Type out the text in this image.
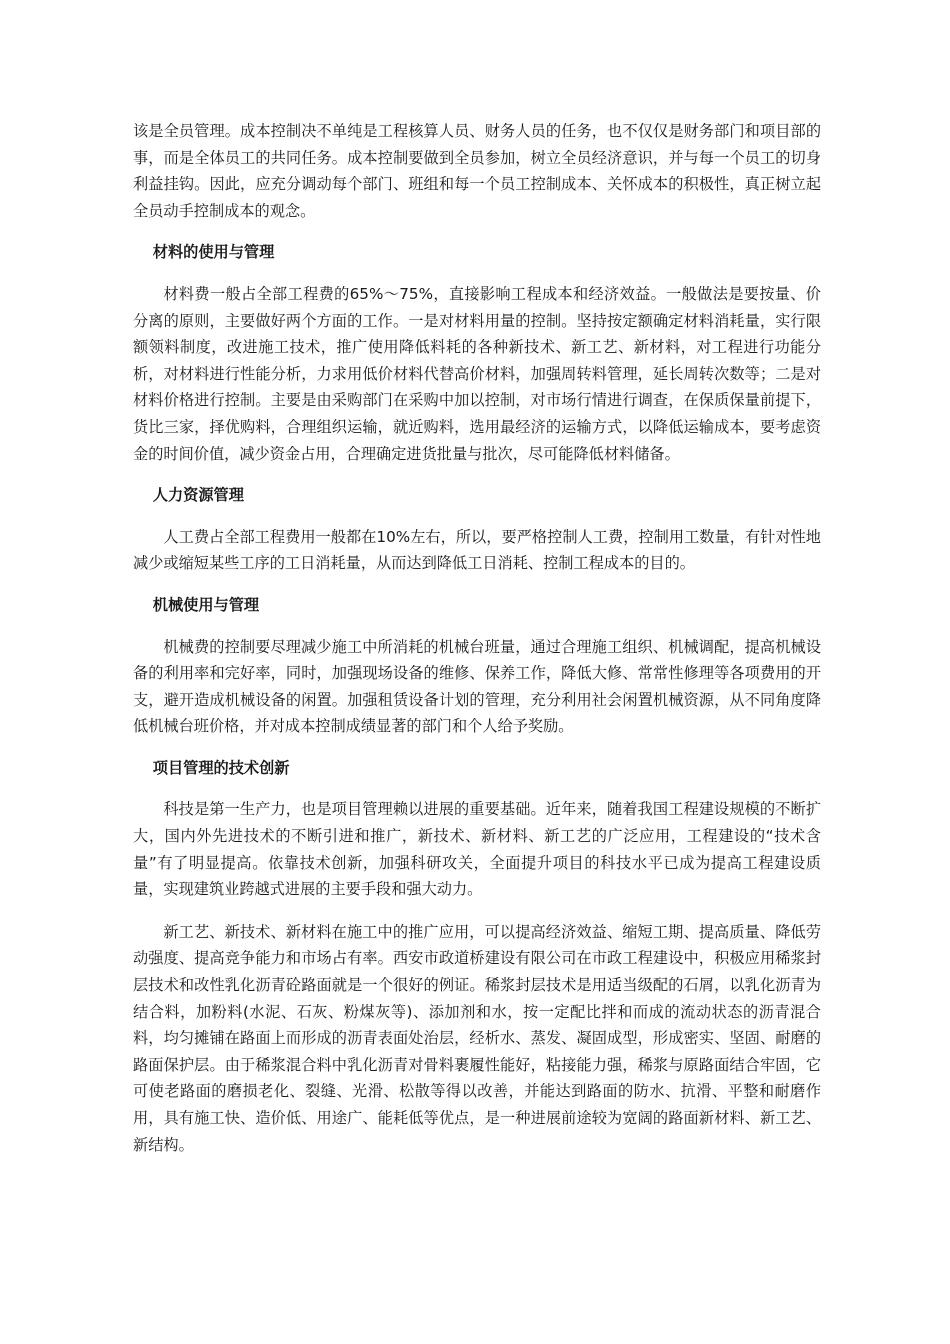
该是全员管理。成本控制决不单纯是工程核算人员、财务人员的任务，也不仅仅是财务部门和项目部的事，而是全体员工的共同任务。成本控制要做到全员参加，树立全员经济意识，并与每一个员工的切身利益挂钩。因此，应充分调动每个部门、班组和每一个员工控制成本、关怀成本的积极性，真正树立起全员动手控制成本的观念。

材料的使用与管理

材料费一般占全部工程费的65%～75%，直接影响工程成本和经济效益。一般做法是要按量、价分离的原则，主要做好两个方面的工作。一是对材料用量的控制。坚持按定额确定材料消耗量，实行限额领料制度，改进施工技术，推广使用降低料耗的各种新技术、新工艺、新材料，对工程进行功能分析，对材料进行性能分析，力求用低价材料代替高价材料，加强周转料管理，延长周转次数等；二是对材料价格进行控制。主要是由采购部门在采购中加以控制，对市场行情进行调查，在保质保量前提下，货比三家，择优购料，合理组织运输，就近购料，选用最经济的运输方式，以降低运输成本，要考虑资金的时间价值，减少资金占用，合理确定进货批量与批次，尽可能降低材料储备。

人力资源管理

人工费占全部工程费用一般都在10%左右，所以，要严格控制人工费，控制用工数量，有针对性地减少或缩短某些工序的工日消耗量，从而达到降低工日消耗、控制工程成本的目的。

机械使用与管理

机械费的控制要尽理减少施工中所消耗的机械台班量，通过合理施工组织、机械调配，提高机械设备的利用率和完好率，同时，加强现场设备的维修、保养工作，降低大修、常常性修理等各项费用的开支，避开造成机械设备的闲置。加强租赁设备计划的管理，充分利用社会闲置机械资源，从不同角度降低机械台班价格，并对成本控制成绩显著的部门和个人给予奖励。

项目管理的技术创新

科技是第一生产力，也是项目管理赖以进展的重要基础。近年来，随着我国工程建设规模的不断扩大，国内外先进技术的不断引进和推广，新技术、新材料、新工艺的广泛应用，工程建设的“技术含量”有了明显提高。依靠技术创新，加强科研攻关，全面提升项目的科技水平已成为提高工程建设质量，实现建筑业跨越式进展的主要手段和强大动力。

新工艺、新技术、新材料在施工中的推广应用，可以提高经济效益、缩短工期、提高质量、降低劳动强度、提高竞争能力和市场占有率。西安市政道桥建设有限公司在市政工程建设中，积极应用稀浆封层技术和改性乳化沥青砼路面就是一个很好的例证。稀浆封层技术是用适当级配的石屑，以乳化沥青为结合料，加粉料(水泥、石灰、粉煤灰等)、添加剂和水，按一定配比拌和而成的流动状态的沥青混合料，均匀摊铺在路面上而形成的沥青表面处治层，经析水、蒸发、凝固成型，形成密实、坚固、耐磨的路面保护层。由于稀浆混合料中乳化沥青对骨料裹履性能好，粘接能力强，稀浆与原路面结合牢固，它可使老路面的磨损老化、裂缝、光滑、松散等得以改善，并能达到路面的防水、抗滑、平整和耐磨作用，具有施工快、造价低、用途广、能耗低等优点，是一种进展前途较为宽阔的路面新材料、新工艺、新结构。
